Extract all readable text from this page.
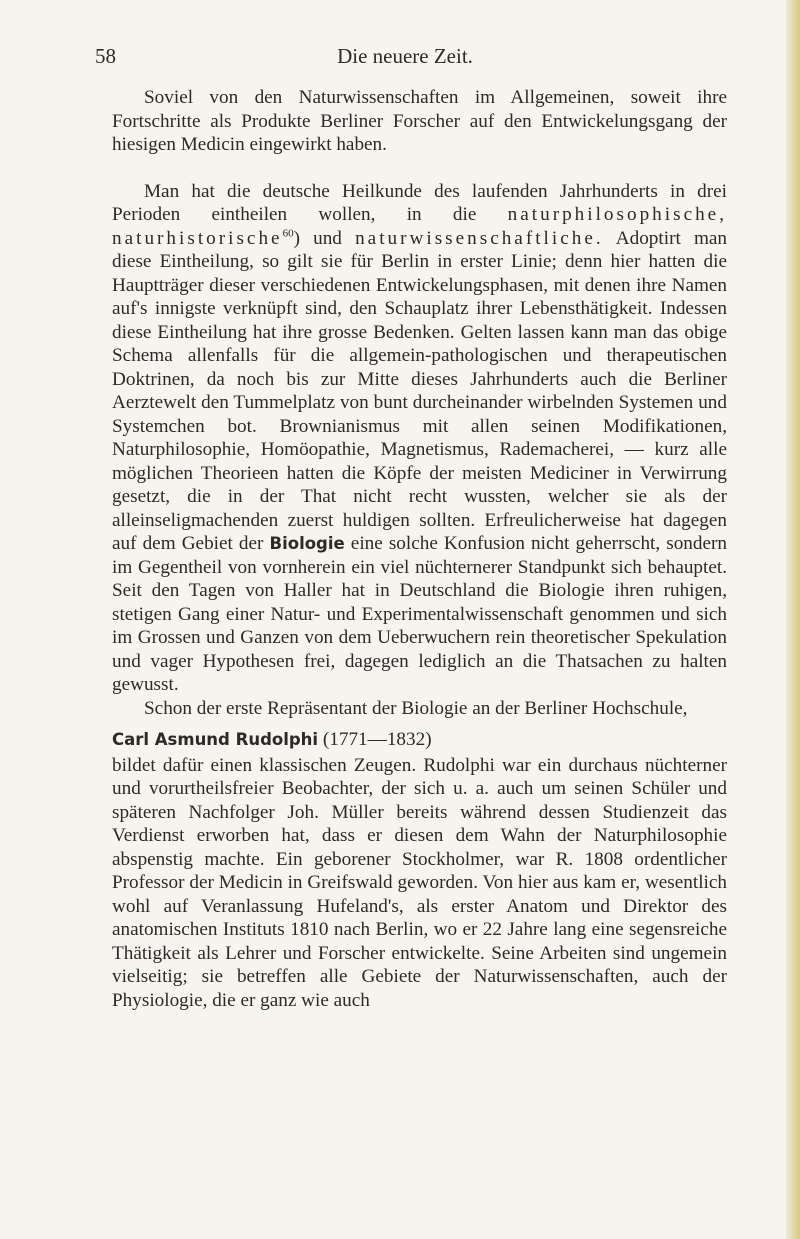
58	Die neuere Zeit.

Soviel von den Naturwissenschaften im Allgemeinen, soweit ihre Fortschritte als Produkte Berliner Forscher auf den Entwickelungsgang der hiesigen Medicin eingewirkt haben.

Man hat die deutsche Heilkunde des laufenden Jahrhunderts in drei Perioden eintheilen wollen, in die naturphilosophische, naturhistorische$^{60}$) und naturwissenschaftliche. Adoptirt man diese Eintheilung, so gilt sie für Berlin in erster Linie; denn hier hatten die Hauptträger dieser verschiedenen Entwickelungsphasen, mit denen ihre Namen auf's innigste verknüpft sind, den Schauplatz ihrer Lebensthätigkeit. Indessen diese Eintheilung hat ihre grosse Bedenken. Gelten lassen kann man das obige Schema allenfalls für die allgemein-pathologischen und therapeutischen Doktrinen, da noch bis zur Mitte dieses Jahrhunderts auch die Berliner Aerztewelt den Tummelplatz von bunt durcheinander wirbelnden Systemen und Systemchen bot. Brownianismus mit allen seinen Modifikationen, Naturphilosophie, Homöopathie, Magnetismus, Rademacherei, — kurz alle möglichen Theorieen hatten die Köpfe der meisten Mediciner in Verwirrung gesetzt, die in der That nicht recht wussten, welcher sie als der alleinseligmachenden zuerst huldigen sollten. Erfreulicherweise hat dagegen auf dem Gebiet der Biologie eine solche Konfusion nicht geherrscht, sondern im Gegentheil von vornherein ein viel nüchternerer Standpunkt sich behauptet. Seit den Tagen von Haller hat in Deutschland die Biologie ihren ruhigen, stetigen Gang einer Natur- und Experimentalwissenschaft genommen und sich im Grossen und Ganzen von dem Ueberwuchern rein theoretischer Spekulation und vager Hypothesen frei, dagegen lediglich an die Thatsachen zu halten gewusst.

Schon der erste Repräsentant der Biologie an der Berliner Hochschule,

Carl Asmund Rudolphi (1771—1832)

bildet dafür einen klassischen Zeugen. Rudolphi war ein durchaus nüchterner und vorurtheilsfreier Beobachter, der sich u. a. auch um seinen Schüler und späteren Nachfolger Joh. Müller bereits während dessen Studienzeit das Verdienst erworben hat, dass er diesen dem Wahn der Naturphilosophie abspenstig machte. Ein geborener Stockholmer, war R. 1808 ordentlicher Professor der Medicin in Greifswald geworden. Von hier aus kam er, wesentlich wohl auf Veranlassung Hufeland's, als erster Anatom und Direktor des anatomischen Instituts 1810 nach Berlin, wo er 22 Jahre lang eine segensreiche Thätigkeit als Lehrer und Forscher entwickelte. Seine Arbeiten sind ungemein vielseitig; sie betreffen alle Gebiete der Naturwissenschaften, auch der Physiologie, die er ganz wie auch
